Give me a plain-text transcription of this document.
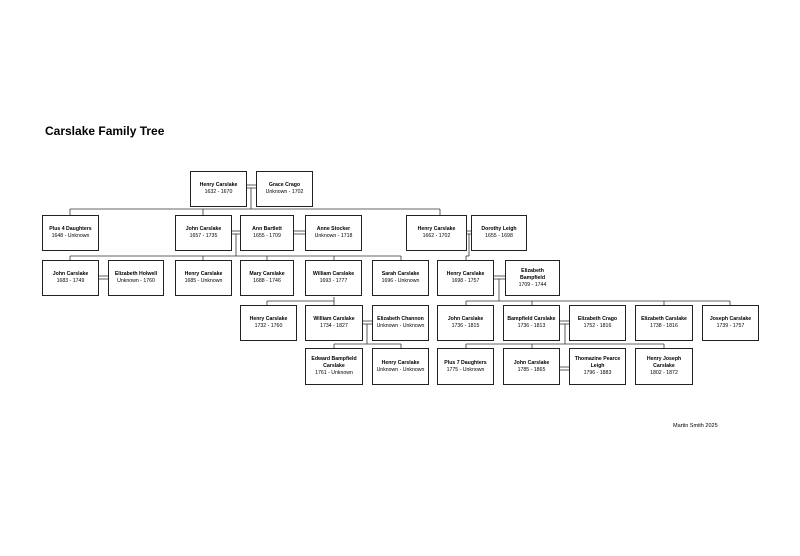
Carslake Family Tree
Henry Carslake
1632 - 1670
Grace Crago
Unknown - 1702
Plus 4 Daughters
1648 - Unknown
John Carslake
1657 - 1735
Ann Bartlett
1655 - 1709
Anne Stocker
Unknown - 1718
Henry Carslake
1662 - 1702
Dorothy Leigh
1655 - 1698
John Carslake
1683 - 1749
Elizabeth Holwell
Unknown - 1760
Henry Carslake
1685 - Unknown
Mary Carslake
1688 - 1746
William Carslake
1693 - 1777
Sarah Carslake
1696 - Unknown
Henry Carslake
1698 - 1757
Elizabeth Bampfield
1709 - 1744
Henry Carslake
1732 - 1760
William Carslake
1734 - 1827
Elizabeth Channon
Unknown - Unknown
John Carslake
1736 - 1815
Bampfield Carslake
1736 - 1813
Elizabeth Crago
1752 - 1816
Elizabeth Carslake
1738 - 1816
Joseph Carslake
1739 - 1757
Edward Bampfield Carslake
1761 - Unknown
Henry Carslake
Unknown - Unknown
Plus 7 Daughters
1775 - Unknown
John Carslake
1785 - 1865
Thomazine Pearce Leigh
1796 - 1883
Henry Joseph Carslake
1802 - 1872
Martin Smith 2025
